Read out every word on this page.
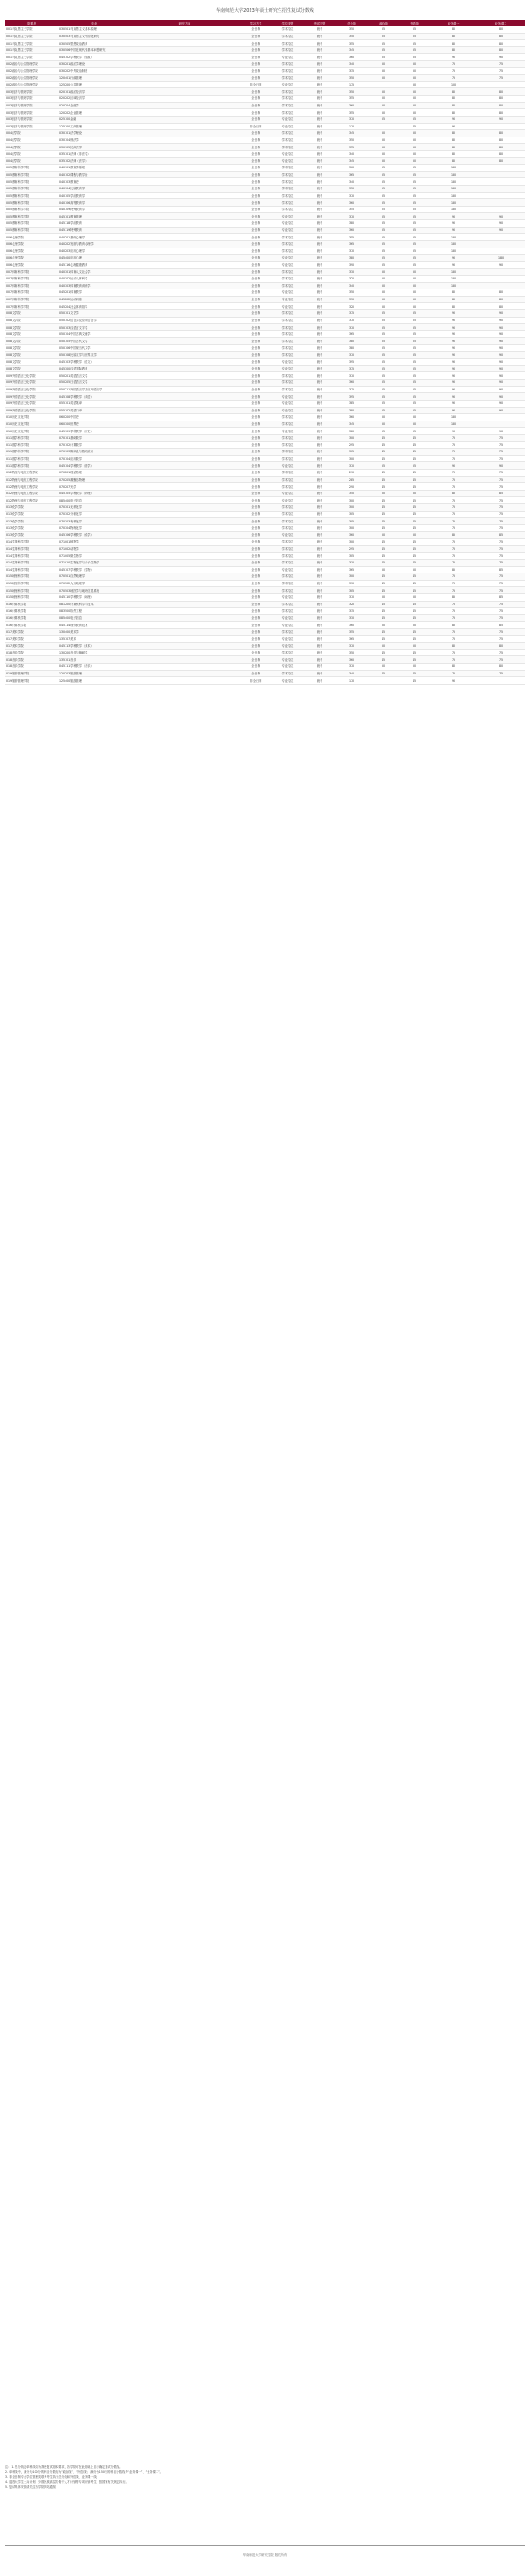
华南师范大学2023年硕士研究生招生复试分数线
院系所	专业	研究方向	学习方式	学位类型	考试类型	总分线	政治线	外语线	业务课一	业务课二
001马克思主义学院	030501马克思主义基本原理		全日制	学术学位	统考	350	55	55	80	80
001马克思主义学院	030503马克思主义中国化研究		全日制	学术学位	统考	350	55	55	80	80
001马克思主义学院	030505思想政治教育		全日制	学术学位	统考	355	55	55	80	80
001马克思主义学院	030506中国近现代史基本问题研究		全日制	学术学位	统考	345	55	55	80	80
001马克思主义学院	045102学科教学（思政）		全日制	专业学位	统考	360	55	55	90	90
002政治与公共管理学院	030201政治学理论		全日制	学术学位	统考	340	50	50	75	75
002政治与公共管理学院	030202中外政治制度		全日制	学术学位	统考	335	50	50	75	75
002政治与公共管理学院	120401行政管理		全日制	学术学位	统考	350	50	50	75	75
002政治与公共管理学院	125200公共管理		非全日制	专业学位	统考	175		50	100	
003经济与管理学院	020101政治经济学		全日制	学术学位	统考	350	50	50	80	80
003经济与管理学院	020202区域经济学		全日制	学术学位	统考	355	50	50	80	80
003经济与管理学院	020204金融学		全日制	学术学位	统考	360	50	50	80	80
003经济与管理学院	120202企业管理		全日制	学术学位	统考	355	50	50	80	80
003经济与管理学院	025100金融		全日制	专业学位	统考	370	55	55	90	90
003经济与管理学院	125100工商管理		非全日制	专业学位	统考	170		45	90	
004法学院	030101法学理论		全日制	学术学位	统考	345	50	50	80	80
004法学院	030104刑法学		全日制	学术学位	统考	350	50	50	80	80
004法学院	030105民商法学		全日制	学术学位	统考	355	50	50	80	80
004法学院	035101法律（非法学）		全日制	专业学位	统考	340	50	50	80	80
004法学院	035102法律（法学）		全日制	专业学位	统考	345	50	50	80	80
005教育科学学院	040101教育学原理		全日制	学术学位	统考	360	55	55	180	
005教育科学学院	040102课程与教学论		全日制	学术学位	统考	365	55	55	180	
005教育科学学院	040103教育史		全日制	学术学位	统考	340	55	55	180	
005教育科学学院	040104比较教育学		全日制	学术学位	统考	350	55	55	180	
005教育科学学院	040105学前教育学		全日制	学术学位	统考	370	55	55	180	
005教育科学学院	040106高等教育学		全日制	学术学位	统考	360	55	55	180	
005教育科学学院	040109特殊教育学		全日制	学术学位	统考	345	55	55	180	
005教育科学学院	045101教育管理		全日制	专业学位	统考	370	55	55	90	90
005教育科学学院	045118学前教育		全日制	专业学位	统考	380	55	55	90	90
005教育科学学院	045119特殊教育		全日制	专业学位	统考	360	55	55	90	90
006心理学院	040201基础心理学		全日制	学术学位	统考	355	55	55	180	
006心理学院	040202发展与教育心理学		全日制	学术学位	统考	365	55	55	180	
006心理学院	040203应用心理学		全日制	学术学位	统考	370	55	55	180	
006心理学院	045400应用心理		全日制	专业学位	统考	380	55	55	90	180
006心理学院	045116心理健康教育		全日制	专业学位	统考	390	55	55	90	90
007体育科学学院	040301体育人文社会学		全日制	学术学位	统考	330	50	50	180	
007体育科学学院	040302运动人体科学		全日制	学术学位	统考	320	50	50	180	
007体育科学学院	040303体育教育训练学		全日制	学术学位	统考	340	50	50	180	
007体育科学学院	045201体育教学		全日制	专业学位	统考	350	50	50	80	80
007体育科学学院	045202运动训练		全日制	专业学位	统考	330	50	50	80	80
007体育科学学院	045204社会体育指导		全日制	专业学位	统考	320	50	50	80	80
008文学院	050101文艺学		全日制	学术学位	统考	375	55	55	90	90
008文学院	050102语言学及应用语言学		全日制	学术学位	统考	370	55	55	90	90
008文学院	050103汉语言文字学		全日制	学术学位	统考	370	55	55	90	90
008文学院	050104中国古典文献学		全日制	学术学位	统考	365	55	55	90	90
008文学院	050105中国古代文学		全日制	学术学位	统考	380	55	55	90	90
008文学院	050106中国现当代文学		全日制	学术学位	统考	380	55	55	90	90
008文学院	050108比较文学与世界文学		全日制	学术学位	统考	370	55	55	90	90
008文学院	045103学科教学（语文）		全日制	专业学位	统考	395	55	55	90	90
008文学院	045300汉语国际教育		全日制	专业学位	统考	375	55	55	90	90
009外国语言文化学院	050201英语语言文学		全日制	学术学位	统考	370	55	55	90	90
009外国语言文化学院	050205日语语言文学		全日制	学术学位	统考	360	55	55	90	90
009外国语言文化学院	050211外国语言学及应用语言学		全日制	学术学位	统考	375	55	55	90	90
009外国语言文化学院	045108学科教学（英语）		全日制	专业学位	统考	395	55	55	90	90
009外国语言文化学院	055101英语笔译		全日制	专业学位	统考	385	55	55	90	90
009外国语言文化学院	055102英语口译		全日制	专业学位	统考	380	55	55	90	90
010历史文化学院	060200中国史		全日制	学术学位	统考	360	50	50	180	
010历史文化学院	060300世界史		全日制	学术学位	统考	345	50	50	180	
010历史文化学院	045109学科教学（历史）		全日制	专业学位	统考	380	55	55	90	90
011数学科学学院	070101基础数学		全日制	学术学位	统考	300	45	45	75	75
011数学科学学院	070102计算数学		全日制	学术学位	统考	295	45	45	75	75
011数学科学学院	070103概率论与数理统计		全日制	学术学位	统考	305	45	45	75	75
011数学科学学院	070104应用数学		全日制	学术学位	统考	300	45	45	75	75
011数学科学学院	045104学科教学（数学）		全日制	专业学位	统考	370	55	55	90	90
012物理与电信工程学院	070201理论物理		全日制	学术学位	统考	290	45	45	75	75
012物理与电信工程学院	070205凝聚态物理		全日制	学术学位	统考	285	45	45	75	75
012物理与电信工程学院	070207光学		全日制	学术学位	统考	290	45	45	75	75
012物理与电信工程学院	045105学科教学（物理）		全日制	专业学位	统考	350	50	50	85	85
012物理与电信工程学院	085400电子信息		全日制	专业学位	统考	300	45	45	75	75
013化学学院	070301无机化学		全日制	学术学位	统考	300	45	45	75	75
013化学学院	070302分析化学		全日制	学术学位	统考	305	45	45	75	75
013化学学院	070303有机化学		全日制	学术学位	统考	305	45	45	75	75
013化学学院	070304物理化学		全日制	学术学位	统考	300	45	45	75	75
013化学学院	045106学科教学（化学）		全日制	专业学位	统考	360	50	50	85	85
014生命科学学院	071001植物学		全日制	学术学位	统考	300	45	45	75	75
014生命科学学院	071002动物学		全日制	学术学位	统考	295	45	45	75	75
014生命科学学院	071005微生物学		全日制	学术学位	统考	305	45	45	75	75
014生命科学学院	071010生物化学与分子生物学		全日制	学术学位	统考	310	45	45	75	75
014生命科学学院	045107学科教学（生物）		全日制	专业学位	统考	365	50	50	85	85
015地理科学学院	070501自然地理学		全日制	学术学位	统考	300	45	45	75	75
015地理科学学院	070502人文地理学		全日制	学术学位	统考	310	45	45	75	75
015地理科学学院	070503地图学与地理信息系统		全日制	学术学位	统考	305	45	45	75	75
015地理科学学院	045110学科教学（地理）		全日制	专业学位	统考	370	50	50	85	85
016计算机学院	081200计算机科学与技术		全日制	学术学位	统考	320	45	45	75	75
016计算机学院	083500软件工程		全日制	学术学位	统考	315	45	45	75	75
016计算机学院	085400电子信息		全日制	专业学位	统考	330	45	45	75	75
016计算机学院	045114现代教育技术		全日制	专业学位	统考	360	50	50	85	85
017美术学院	130400美术学		全日制	学术学位	统考	355	45	45	75	75
017美术学院	135107美术		全日制	专业学位	统考	365	45	45	75	75
017美术学院	045113学科教学（美术）		全日制	专业学位	统考	370	50	50	80	80
018音乐学院	130200音乐与舞蹈学		全日制	学术学位	统考	350	45	45	75	75
018音乐学院	135101音乐		全日制	专业学位	统考	360	45	45	75	75
018音乐学院	045111学科教学（音乐）		全日制	专业学位	统考	370	50	50	80	80
019旅游管理学院	120203旅游管理		全日制	学术学位	统考	340	45	45	75	75
019旅游管理学院	125400旅游管理		非全日制	专业学位	统考	170		45	90	
注：1. 总分线及单科线均为我校复试基本要求，各学院可在此基础上自行确定复试分数线。
2. 单科线中，满分为100分的科目分数线为“政治线”、“外语线”；满分为150分的科目分数线为“业务课一”、“业务课二”。
3. 非全日制专业学位管理类联考考生执行总分线和外语线、业务课一线。
4. 退役大学生士兵计划、少数民族高层次骨干人才计划等专项计划考生，按国家有关规定执行。
5. 复试具体安排请关注各学院网站通知。
华南师范大学研究生院 版权所有
